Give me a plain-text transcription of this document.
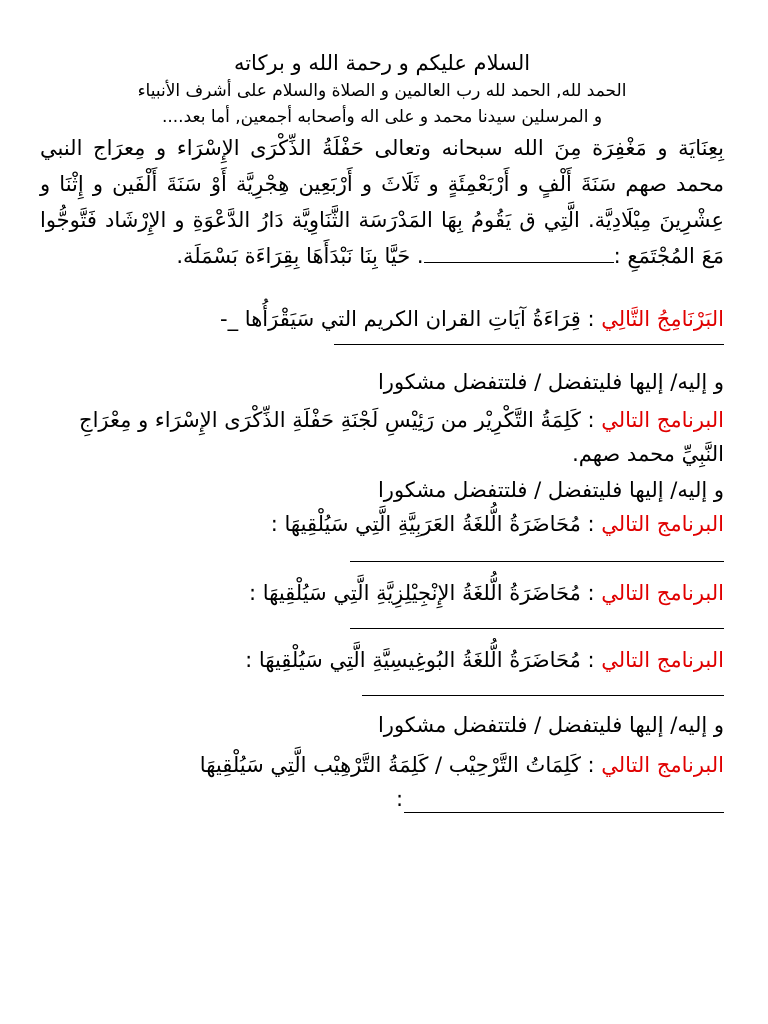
السلام عليكم و رحمة الله و بركاته

الحمد لله, الحمد لله رب العالمين و الصلاة والسلام على أشرف الأنبياء

و المرسلين سيدنا محمد و على اله وأصحابه أجمعين, أما بعد....

بِعِنَايَة و مَغْفِرَة مِنَ الله سبحانه وتعالى حَفْلَةُ الذِّكْرَى الإِسْرَاء و مِعرَاج النبي محمد صهم سَنَةَ أَلْفٍ و أَرْبَعْمِئَةٍ و ثَلَاثَ و أَرْبَعِين هِجْرِيَّة أَوْ سَنَةَ أَلْفَين و إِثْنَا و عِشْرِينَ مِيْلَادِيَّة. الَّتِي ق يَقُومُ بِهَا المَدْرَسَة الثَّنَاوِيَّة دَارُ الدَّعْوَةِ و الإِرْشَاد فَتَّوجُّوا مَعَ المُجْتَمَعِ :. حَيَّا بِنَا نَبْدَأَهَا بِقِرَاءَة بَسْمَلَة.

البَرْنَامِجُ التَّالِي : قِرَاءَةُ آيَاتِ القران الكريم التي سَيَقْرَأُها _-

و إليه/ إليها فليتفضل / فلتتفضل مشكورا

البرنامج التالي : كَلِمَةُ التَّكْرِيْر من رَئِيْسِ لَجْنَةِ حَفْلَةِ الذِّكْرَى الإِسْرَاء و مِعْرَاجِ النَّبِيِّ محمد صهم.

و إليه/ إليها فليتفضل / فلتتفضل مشكورا

البرنامج التالي : مُحَاضَرَةُ الُّلغَةُ العَرَبِيَّةِ الَّتِي سَيُلْقِيهَا :

البرنامج التالي : مُحَاضَرَةُ الُّلغَةُ الإِنْجِيْلِزِيَّةِ الَّتِي سَيُلْقِيهَا :

البرنامج التالي : مُحَاضَرَةُ الُّلغَةُ البُوغِيسِيَّةِ الَّتِي سَيُلْقِيهَا :

و إليه/ إليها فليتفضل / فلتتفضل مشكورا

البرنامج التالي : كَلِمَاتُ التَّرْحِيْب / كَلِمَةُ التَّرْهِيْب الَّتِي سَيُلْقِيهَا

:
